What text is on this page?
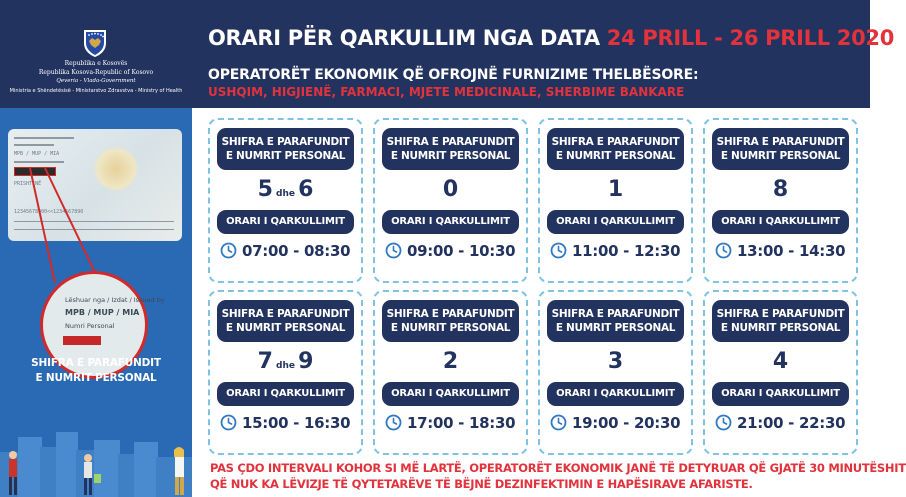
Republika e Kosovës
Republika Kosova-Republic of Kosovo
Qeveria - Vlada-Government
Ministria e Shëndetësisë - Ministarstvo Zdravstva - Ministry of Health
ORARI PËR QARKULLIM NGA DATA 24 PRILL - 26 PRILL 2020
OPERATORËT EKONOMIK QË OFROJNË FURNIZIME THELBËSORE:
USHQIM, HIGJIENË, FARMACI, MJETE MEDICINALE, SHERBIME BANKARE
MPB / MUP / MIA
PRISHTINË
12345678900<<1234567890
Lëshuar nga / Izdat / Issued by
MPB / MUP / MIA
Numri Personal
SHIFRA E PARAFUNDIT
E NUMRIT PERSONAL
SHIFRA E PARAFUNDIT
E NUMRIT PERSONAL
5 dhe 6
ORARI I QARKULLIMIT
07:00 - 08:30
SHIFRA E PARAFUNDIT
E NUMRIT PERSONAL
0
ORARI I QARKULLIMIT
09:00 - 10:30
SHIFRA E PARAFUNDIT
E NUMRIT PERSONAL
1
ORARI I QARKULLIMIT
11:00 - 12:30
SHIFRA E PARAFUNDIT
E NUMRIT PERSONAL
8
ORARI I QARKULLIMIT
13:00 - 14:30
SHIFRA E PARAFUNDIT
E NUMRIT PERSONAL
7 dhe 9
ORARI I QARKULLIMIT
15:00 - 16:30
SHIFRA E PARAFUNDIT
E NUMRIT PERSONAL
2
ORARI I QARKULLIMIT
17:00 - 18:30
SHIFRA E PARAFUNDIT
E NUMRIT PERSONAL
3
ORARI I QARKULLIMIT
19:00 - 20:30
SHIFRA E PARAFUNDIT
E NUMRIT PERSONAL
4
ORARI I QARKULLIMIT
21:00 - 22:30
PAS ÇDO INTERVALI KOHOR SI MË LARTË, OPERATORËT EKONOMIK JANË TË DETYRUAR QË GJATË 30 MINUTËSHIT
QË NUK KA LËVIZJE TË QYTETARËVE TË BËJNË DEZINFEKTIMIN E HAPËSIRAVE AFARISTE.
